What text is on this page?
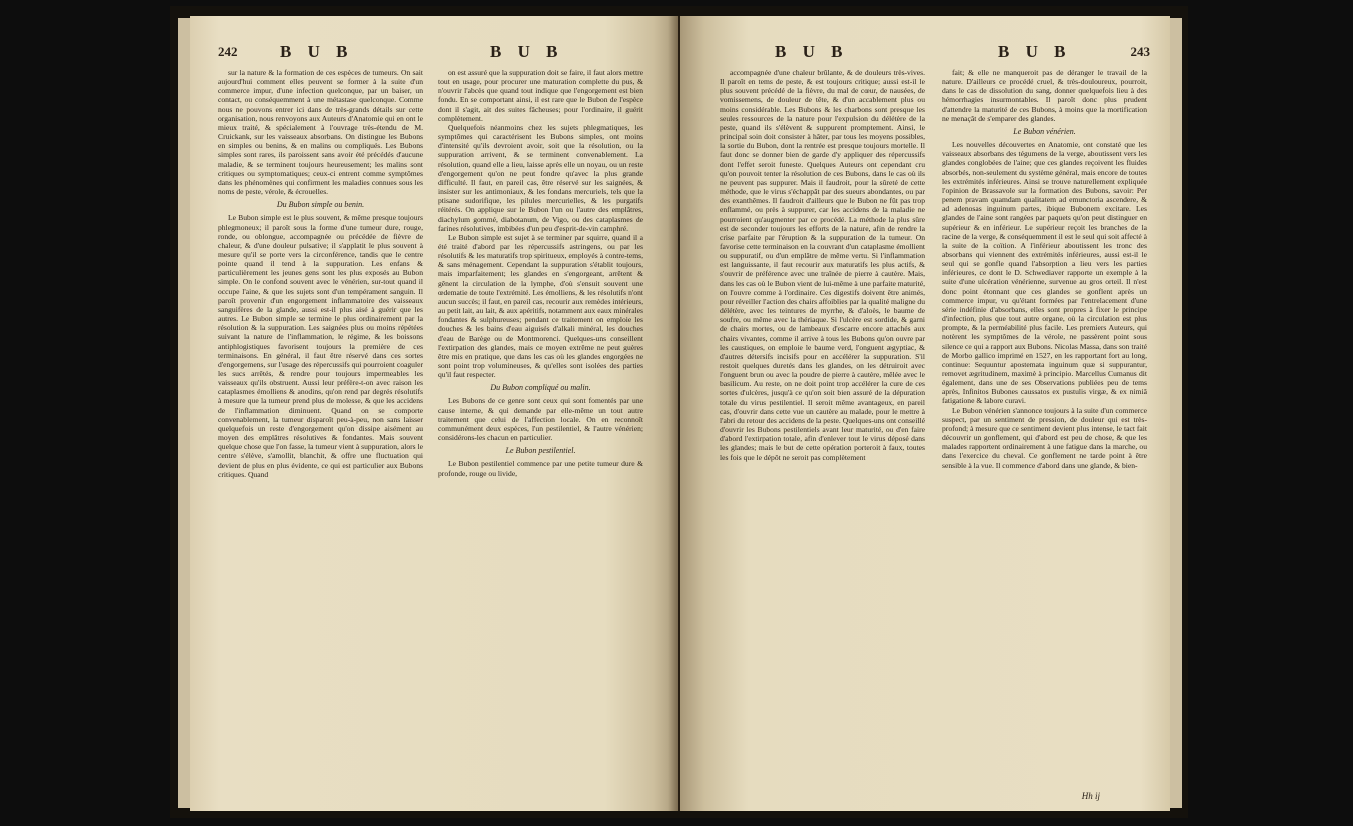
242	B U B	B U B

sur la nature & la formation de ces espèces de tumeurs. On sait aujourd'hui comment elles peuvent se former à la suite d'un commerce impur, d'une infection quelconque, par un baiser, un contact, ou conséquemment à une métastase quelconque. Comme nous ne pouvons entrer ici dans de très-grands détails sur cette organisation, nous renvoyons aux Auteurs d'Anatomie qui en ont le mieux traité, & spécialement à l'ouvrage très-étendu de M. Cruickank, sur les vaisseaux absorbans. On distingue les Bubons en simples ou benins, & en malins ou compliqués. Les Bubons simples sont rares, ils paroissent sans avoir été précédés d'aucune maladie, & se terminent toujours heureusement; les malins sont critiques ou symptomatiques; ceux-ci entrent comme symptômes dans les phénomènes qui confirment les maladies connues sous les noms de peste, vérole, & écrouelles.

Du Bubon simple ou benin.

Le Bubon simple est le plus souvent, & même presque toujours phlegmoneux; il paroît sous la forme d'une tumeur dure, rouge, ronde, ou oblongue, accompagnée ou précédée de fièvre de chaleur, & d'une douleur pulsative; il s'applatit le plus souvent à mesure qu'il se porte vers la circonférence, tandis que le centre pointe quand il tend à la suppuration. Les enfans & particulièrement les jeunes gens sont les plus exposés au Bubon simple. On le confond souvent avec le vénérien, sur-tout quand il occupe l'aine, & que les sujets sont d'un tempérament sanguin. Il paroît provenir d'un engorgement inflammatoire des vaisseaux sanguifères de la glande, aussi est-il plus aisé à guérir que les autres. Le Bubon simple se termine le plus ordinairement par la résolution & la suppuration. Les saignées plus ou moins répétées suivant la nature de l'inflammation, le régime, & les boissons antiphlogistiques favorisent toujours la première de ces terminaisons. En général, il faut être réservé dans ces sortes d'engorgemens, sur l'usage des répercussifs qui pourroient coaguler les sucs arrêtés, & rendre pour toujours impermeables les vaisseaux qu'ils obstruent. Aussi leur préfère-t-on avec raison les cataplasmes émolliens & anodins, qu'on rend par degrés résolutifs à mesure que la tumeur prend plus de molesse, & que les accidens de l'inflammation diminuent. Quand on se comporte convenablement, la tumeur disparoît peu-à-peu, non sans laisser quelquefois un reste d'engorgement qu'on dissipe aisément au moyen des emplâtres résolutives & fondantes. Mais souvent quelque chose que l'on fasse, la tumeur vient à suppuration, alors le centre s'élève, s'amollit, blanchit, & offre une fluctuation qui devient de plus en plus évidente, ce qui est particulier aux Bubons critiques. Quand

on est assuré que la suppuration doit se faire, il faut alors mettre tout en usage, pour procurer une maturation complette du pus, & n'ouvrir l'abcès que quand tout indique que l'engorgement est bien fondu. En se comportant ainsi, il est rare que le Bubon de l'espèce dont il s'agit, ait des suites fâcheuses; pour l'ordinaire, il guérit complètement.

Quelquefois néanmoins chez les sujets phlegmatiques, les symptômes qui caractérisent les Bubons simples, ont moins d'intensité qu'ils devroient avoir, soit que la résolution, ou la suppuration arrivent, & se terminent convenablement. La résolution, quand elle a lieu, laisse après elle un noyau, ou un reste d'engorgement qu'on ne peut fondre qu'avec la plus grande difficulté. Il faut, en pareil cas, être réservé sur les saignées, & insister sur les antimoniaux, & les fondans mercuriels, tels que la ptisane sudorifique, les pilules mercurielles, & les purgatifs réitérés. On applique sur le Bubon l'un ou l'autre des emplâtres, diachylum gommé, diabotanum, de Vigo, ou des cataplasmes de farines résolutives, imbibées d'un peu d'esprit-de-vin camphré.

Le Bubon simple est sujet à se terminer par squirre, quand il a été traité d'abord par les répercussifs astringens, ou par les résolutifs & les maturatifs trop spiritueux, employés à contre-tems, & sans ménagement. Cependant la suppuration s'établit toujours, mais imparfaitement; les glandes en s'engorgeant, arrêtent & gênent la circulation de la lymphe, d'où s'ensuit souvent une œdematie de toute l'extrémité. Les émolliens, & les résolutifs n'ont aucun succès; il faut, en pareil cas, recourir aux remèdes intérieurs, au petit lait, au lait, & aux apéritifs, notamment aux eaux minérales fondantes & sulphureuses; pendant ce traitement on emploie les douches & les bains d'eau aiguisés d'alkali minéral, les douches d'eau de Barège ou de Montmorenci. Quelques-uns conseillent l'extirpation des glandes, mais ce moyen extrême ne peut guères être mis en pratique, que dans les cas où les glandes engorgées ne sont point trop volumineuses, & qu'elles sont isolées des parties qu'il faut respecter.

Du Bubon compliqué ou malin.

Les Bubons de ce genre sont ceux qui sont fomentés par une cause interne, & qui demande par elle-même un tout autre traitement que celui de l'affection locale. On en reconnoît communément deux espèces, l'un pestilentiel, & l'autre vénérien; considérons-les chacun en particulier.

Le Bubon pestilentiel.

Le Bubon pestilentiel commence par une petite tumeur dure & profonde, rouge ou livide,

B U B	B U B	243

accompagnée d'une chaleur brûlante, & de douleurs très-vives. Il paroît en tems de peste, & est toujours critique; aussi est-il le plus souvent précédé de la fièvre, du mal de cœur, de nausées, de vomissemens, de douleur de tête, & d'un accablement plus ou moins considérable. Les Bubons & les charbons sont presque les seules ressources de la nature pour l'expulsion du délétère de la peste, quand ils s'élèvent & suppurent promptement. Ainsi, le principal soin doit consister à hâter, par tous les moyens possibles, la sortie du Bubon, dont la rentrée est presque toujours mortelle. Il faut donc se donner bien de garde d'y appliquer des répercussifs dont l'effet seroit funeste. Quelques Auteurs ont cependant cru qu'on pouvoit tenter la résolution de ces Bubons, dans le cas où ils ne peuvent pas suppurer. Mais il faudroit, pour la sûreté de cette méthode, que le virus s'échappât par des sueurs abondantes, ou par des exanthêmes. Il faudroit d'ailleurs que le Bubon ne fût pas trop enflammé, ou près à suppurer, car les accidens de la maladie ne pourroient qu'augmenter par ce procédé. La méthode la plus sûre est de seconder toujours les efforts de la nature, afin de rendre la crise parfaite par l'éruption & la suppuration de la tumeur. On favorise cette terminaison en la couvrant d'un cataplasme émollient ou suppuratif, ou d'un emplâtre de même vertu. Si l'inflammation est languissante, il faut recourir aux maturatifs les plus actifs, & s'ouvrir de préférence avec une traînée de pierre à cautère. Mais, dans les cas où le Bubon vient de lui-même à une parfaite maturité, on l'ouvre comme à l'ordinaire. Ces digestifs doivent être animés, pour réveiller l'action des chairs affoiblies par la qualité maligne du délétère, avec les teintures de myrrhe, & d'aloès, le baume de soufre, ou même avec la thériaque. Si l'ulcère est sordide, & garni de chairs mortes, ou de lambeaux d'escarre encore attachés aux chairs vivantes, comme il arrive à tous les Bubons qu'on ouvre par les caustiques, on emploie le baume verd, l'onguent ægyptiac, & d'autres détersifs incisifs pour en accélérer la suppuration. S'il restoit quelques duretés dans les glandes, on les détruiroit avec l'onguent brun ou avec la poudre de pierre à cautère, mêlée avec le basilicum. Au reste, on ne doit point trop accélérer la cure de ces sortes d'ulcères, jusqu'à ce qu'on soit bien assuré de la dépuration totale du virus pestilentiel. Il seroit même avantageux, en pareil cas, d'ouvrir dans cette vue un cautère au malade, pour le mettre à l'abri du retour des accidens de la peste. Quelques-uns ont conseillé d'ouvrir les Bubons pestilentiels avant leur maturité, ou d'en faire d'abord l'extirpation totale, afin d'enlever tout le virus déposé dans les glandes; mais le but de cette opération porteroit à faux, toutes les fois que le dépôt ne seroit pas complètement

fait; & elle ne manqueroit pas de déranger le travail de la nature. D'ailleurs ce procédé cruel, & très-douloureux, pourroit, dans le cas de dissolution du sang, donner quelquefois lieu à des hémorrhagies insurmontables. Il paroît donc plus prudent d'attendre la maturité de ces Bubons, à moins que la mortification ne menaçât de s'emparer des glandes.

Le Bubon vénérien.

Les nouvelles découvertes en Anatomie, ont constaté que les vaisseaux absorbans des tégumens de la verge, aboutissent vers les glandes conglobées de l'aine; que ces glandes reçoivent les fluides absorbés, non-seulement du système général, mais encore de toutes les extrémités inférieures. Ainsi se trouve naturellement expliquée l'opinion de Brassavole sur la formation des Bubons, savoir: Per penem pravam quamdam qualitatem ad emunctoria ascendere, & ad adenosas inguinum partes, ibique Bubonem excitare. Les glandes de l'aine sont rangées par paquets qu'on peut distinguer en supérieur & en inférieur. Le supérieur reçoit les branches de la racine de la verge, & conséquemment il est le seul qui soit affecté à la suite de la coïtion. A l'inférieur aboutissent les tronc des absorbans qui viennent des extrémités inférieures, aussi est-il le seul qui se gonfle quand l'absorption a lieu vers les parties inférieures, ce dont le D. Schwediaver rapporte un exemple à la suite d'une ulcération vénérienne, survenue au gros orteil. Il n'est donc point étonnant que ces glandes se gonflent après un commerce impur, vu qu'étant formées par l'entrelacement d'une série indéfinie d'absorbans, elles sont propres à fixer le principe d'infection, plus que tout autre organe, où la circulation est plus prompte, & la perméabilité plus facile. Les premiers Auteurs, qui notèrent les symptômes de la vérole, ne passèrent point sous silence ce qui a rapport aux Bubons. Nicolas Massa, dans son traité de Morbo gallico imprimé en 1527, en les rapportant fort au long, continue: Sequuntur apostemata inguinum quæ si suppurantur, removet ægritudinem, maximè à principio. Marcellus Cumanus dit également, dans une de ses Observations publiées peu de tems après, Infinitos Bubones caussatos ex pustulis virgæ, & ex nimiâ fatigatione & labore curavi.

Le Bubon vénérien s'annonce toujours à la suite d'un commerce suspect, par un sentiment de pression, de douleur qui est très-profond; à mesure que ce sentiment devient plus intense, le tact fait découvrir un gonflement, qui d'abord est peu de chose, & que les malades rapportent ordinairement à une fatigue dans la marche, ou dans l'exercice du cheval. Ce gonflement ne tarde point à être sensible à la vue. Il commence d'abord dans une glande, & bien-

Hh ij
